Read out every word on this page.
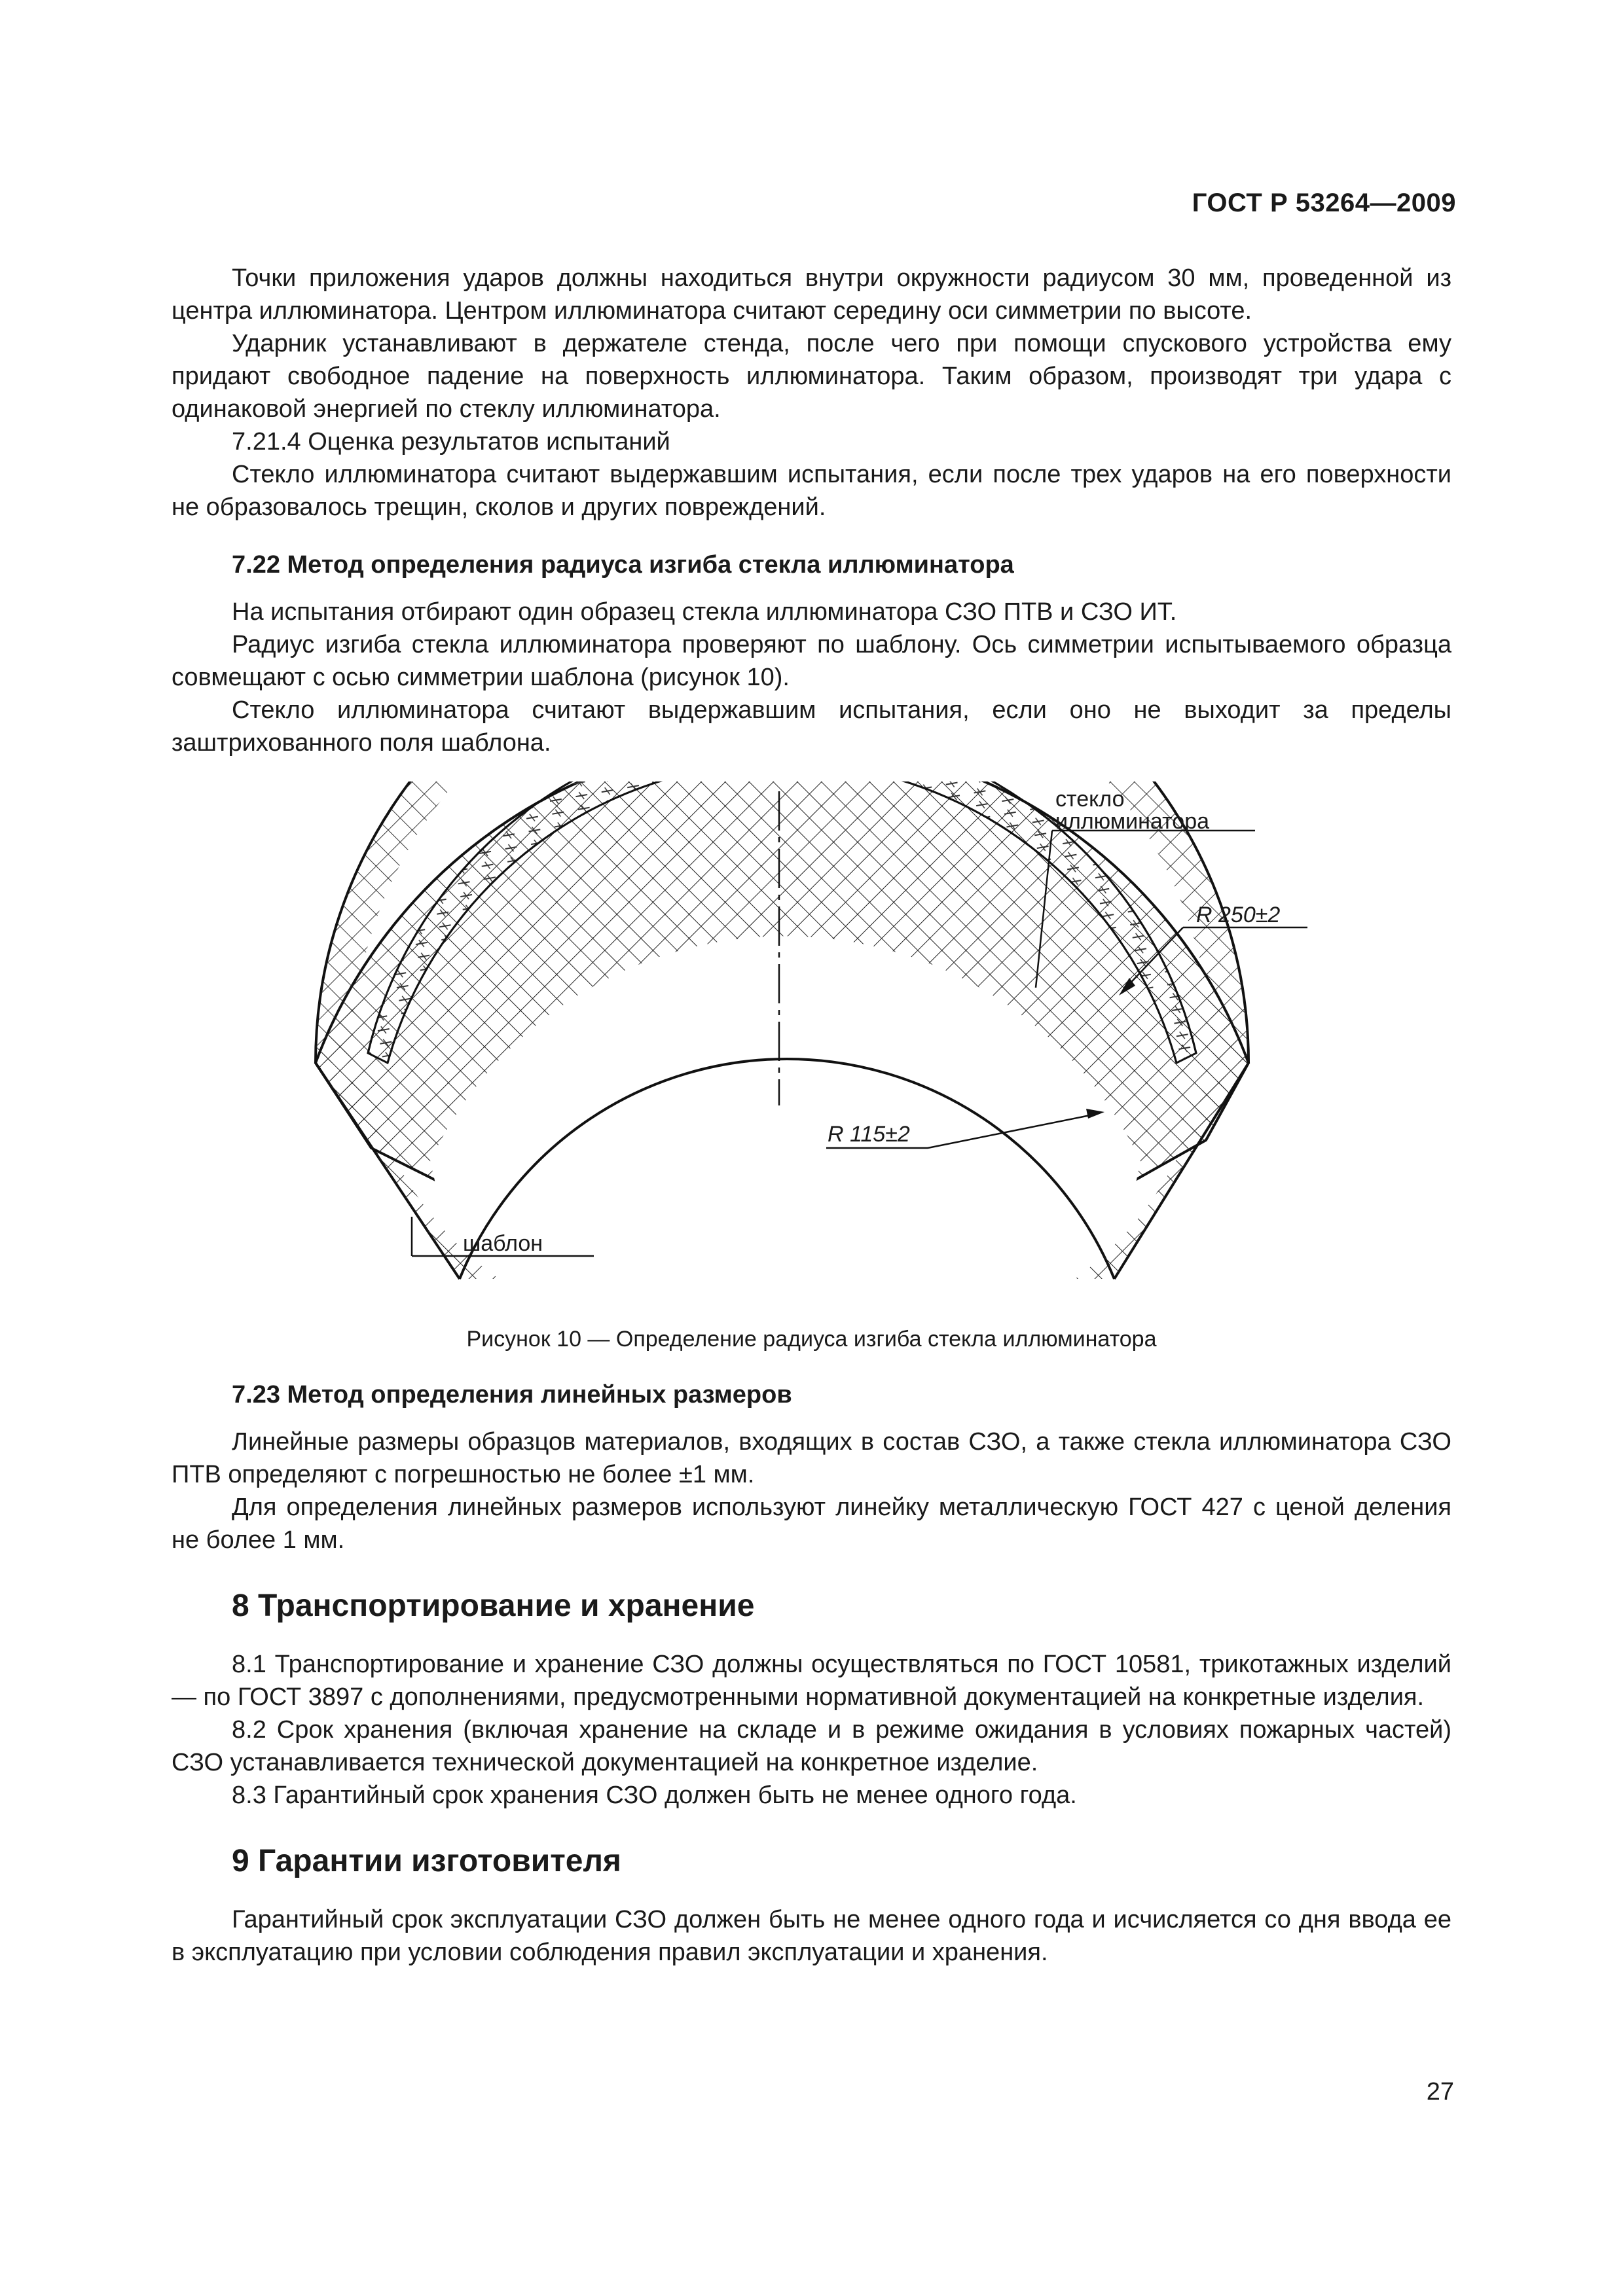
ГОСТ Р 53264—2009

Точки приложения ударов должны находиться внутри окружности радиусом 30 мм, проведенной из центра иллюминатора. Центром иллюминатора считают середину оси симметрии по высоте.

Ударник устанавливают в держателе стенда, после чего при помощи спускового устройства ему придают свободное падение на поверхность иллюминатора. Таким образом, производят три удара с одинаковой энергией по стеклу иллюминатора.

7.21.4 Оценка результатов испытаний

Стекло иллюминатора считают выдержавшим испытания, если после трех ударов на его поверхности не образовалось трещин, сколов и других повреждений.

7.22 Метод определения радиуса изгиба стекла иллюминатора

На испытания отбирают один образец стекла иллюминатора СЗО ПТВ и СЗО ИТ.

Радиус изгиба стекла иллюминатора проверяют по шаблону. Ось симметрии испытываемого образца совмещают с осью симметрии шаблона (рисунок 10).

Стекло иллюминатора считают выдержавшим испытания, если оно не выходит за пределы заштрихованного поля шаблона.

стекло
иллюминатора
R 250±2
R 115±2
шаблон
Рисунок 10 — Определение радиуса изгиба стекла иллюминатора
7.23 Метод определения линейных размеров

Линейные размеры образцов материалов, входящих в состав СЗО, а также стекла иллюминатора СЗО ПТВ определяют с погрешностью не более ±1 мм.

Для определения линейных размеров используют линейку металлическую ГОСТ 427 с ценой деления не более 1 мм.

8 Транспортирование и хранение

8.1 Транспортирование и хранение СЗО должны осуществляться по ГОСТ 10581, трикотажных изделий — по ГОСТ 3897 с дополнениями, предусмотренными нормативной документацией на конкретные изделия.

8.2 Срок хранения (включая хранение на складе и в режиме ожидания в условиях пожарных частей) СЗО устанавливается технической документацией на конкретное изделие.

8.3 Гарантийный срок хранения СЗО должен быть не менее одного года.

9 Гарантии изготовителя

Гарантийный срок эксплуатации СЗО должен быть не менее одного года и исчисляется со дня ввода ее в эксплуатацию при условии соблюдения правил эксплуатации и хранения.

27
